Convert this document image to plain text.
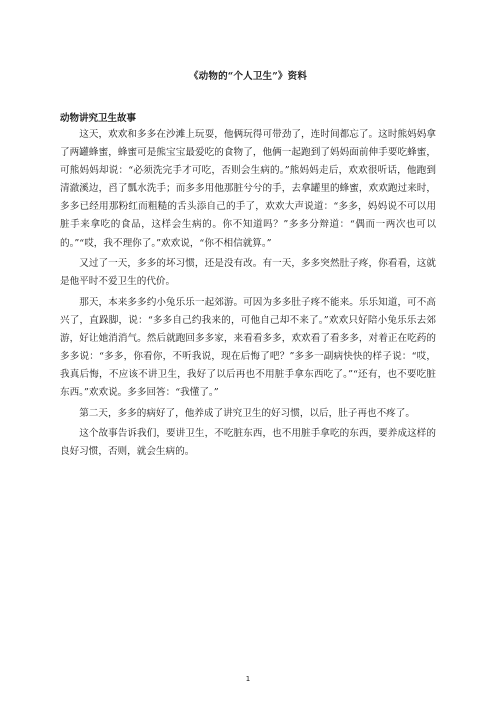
《动物的“个人卫生”》资料
动物讲究卫生故事

这天，欢欢和多多在沙滩上玩耍，他俩玩得可带劲了，连时间都忘了。这时熊妈妈拿了两罐蜂蜜，蜂蜜可是熊宝宝最爱吃的食物了，他俩一起跑到了妈妈面前伸手要吃蜂蜜，可熊妈妈却说：“必须洗完手才可吃，否则会生病的。”熊妈妈走后，欢欢很听话，他跑到清澈溪边，舀了瓢水洗手；而多多用他那脏兮兮的手，去拿罐里的蜂蜜，欢欢跑过来时，多多已经用那粉红而粗糙的舌头添自己的手了，欢欢大声说道：“多多，妈妈说不可以用脏手来拿吃的食品，这样会生病的。你不知道吗？”多多分辩道：“偶而一两次也可以的。”“哎，我不理你了。”欢欢说，“你不相信就算。”

又过了一天，多多的坏习惯，还是没有改。有一天，多多突然肚子疼，你看看，这就是他平时不爱卫生的代价。

那天，本来多多约小兔乐乐一起郊游。可因为多多肚子疼不能来。乐乐知道，可不高兴了，直跺脚，说：“多多自己约我来的，可他自己却不来了。”欢欢只好陪小兔乐乐去郊游，好让她消消气。然后就跑回多多家，来看看多多，欢欢看了看多多，对着正在吃药的多多说：“多多，你看你，不听我说，现在后悔了吧？”多多一副病快快的样子说：“哎，我真后悔，不应该不讲卫生，我好了以后再也不用脏手拿东西吃了。”“还有，也不要吃脏东西。”欢欢说。多多回答：“我懂了。”

第二天，多多的病好了，他养成了讲究卫生的好习惯，以后，肚子再也不疼了。

这个故事告诉我们，要讲卫生，不吃脏东西，也不用脏手拿吃的东西，要养成这样的良好习惯，否则，就会生病的。

1
